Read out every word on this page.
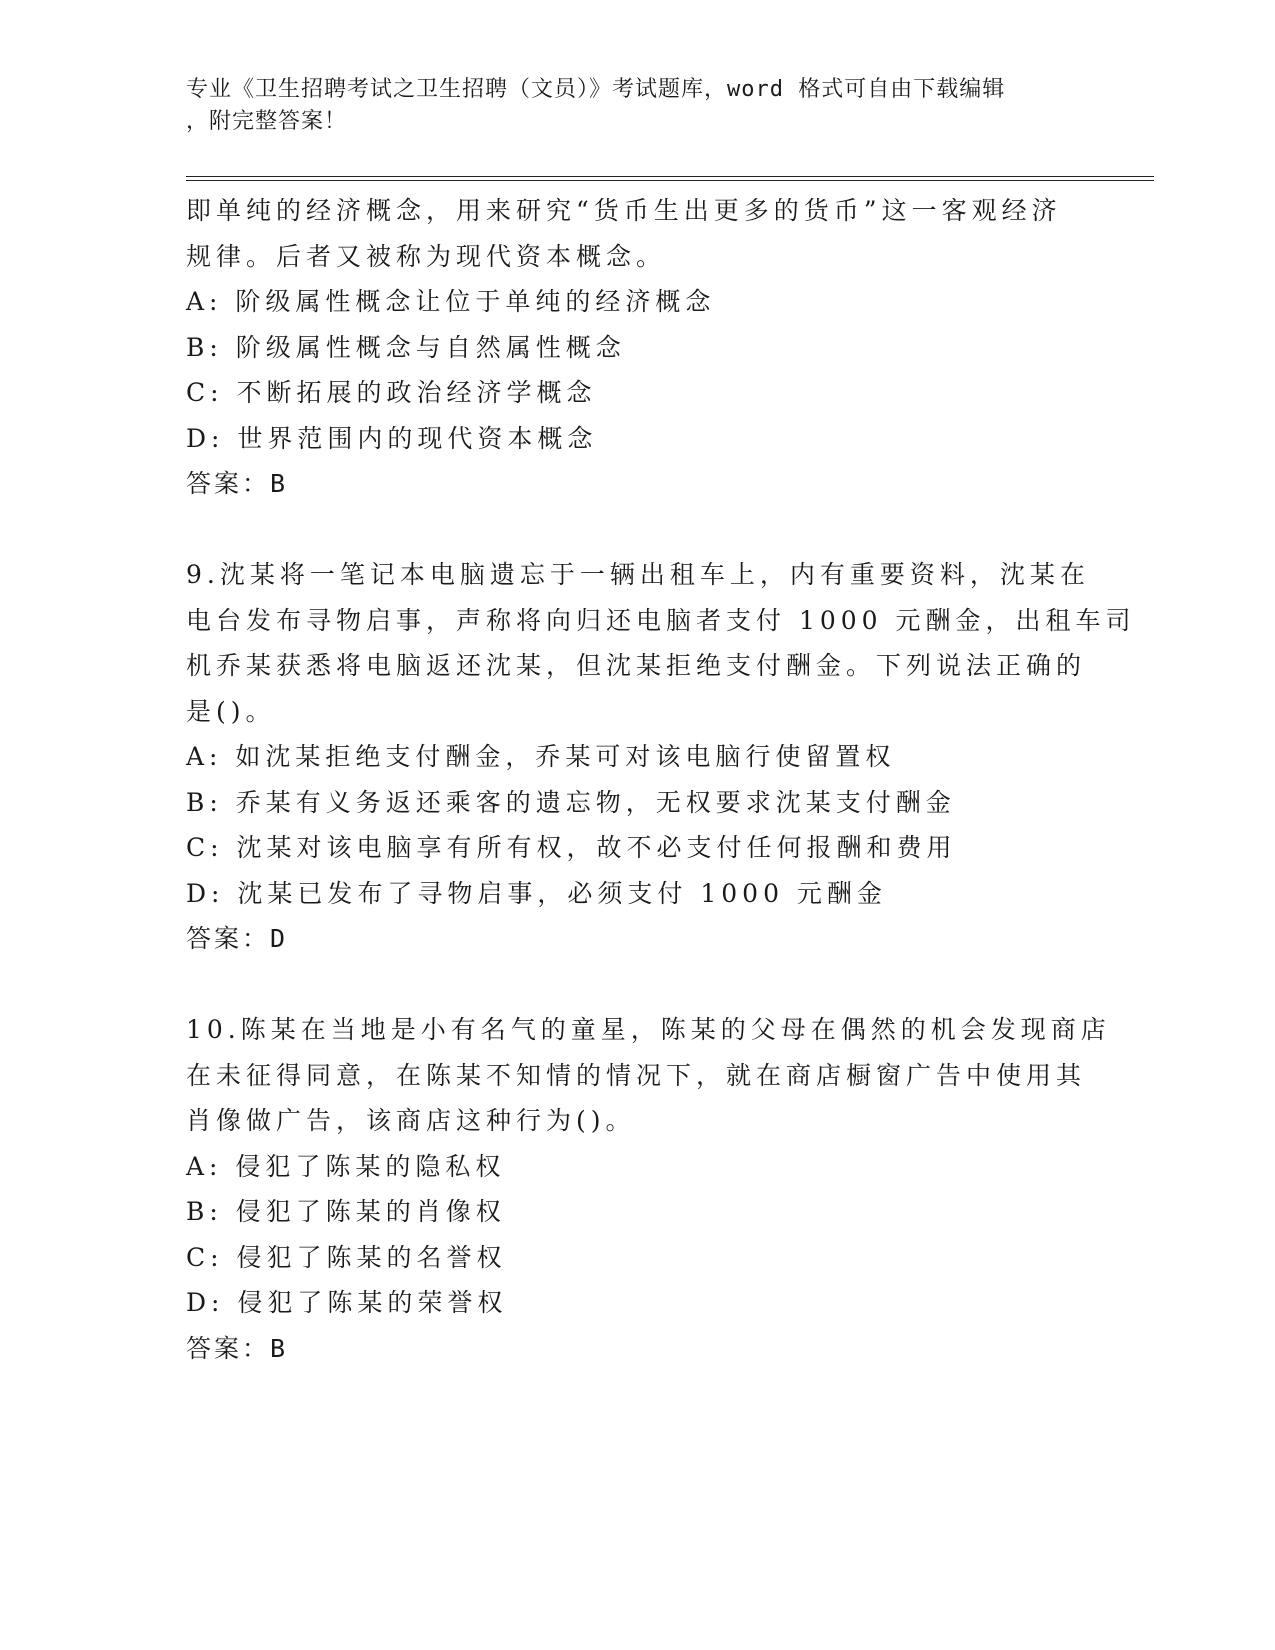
专业《卫生招聘考试之卫生招聘（文员）》考试题库，word 格式可自由下载编辑
，附完整答案！
即单纯的经济概念，用来研究“货币生出更多的货币”这一客观经济
规律。后者又被称为现代资本概念。
A: 阶级属性概念让位于单纯的经济概念
B: 阶级属性概念与自然属性概念
C: 不断拓展的政治经济学概念
D: 世界范围内的现代资本概念
答案：B
9.沈某将一笔记本电脑遗忘于一辆出租车上，内有重要资料，沈某在
电台发布寻物启事，声称将向归还电脑者支付 1000 元酬金，出租车司
机乔某获悉将电脑返还沈某，但沈某拒绝支付酬金。下列说法正确的
是()。
A: 如沈某拒绝支付酬金，乔某可对该电脑行使留置权
B: 乔某有义务返还乘客的遗忘物，无权要求沈某支付酬金
C: 沈某对该电脑享有所有权，故不必支付任何报酬和费用
D: 沈某已发布了寻物启事，必须支付 1000 元酬金
答案：D
10.陈某在当地是小有名气的童星，陈某的父母在偶然的机会发现商店
在未征得同意，在陈某不知情的情况下，就在商店橱窗广告中使用其
肖像做广告，该商店这种行为()。
A: 侵犯了陈某的隐私权
B: 侵犯了陈某的肖像权
C: 侵犯了陈某的名誉权
D: 侵犯了陈某的荣誉权
答案：B
